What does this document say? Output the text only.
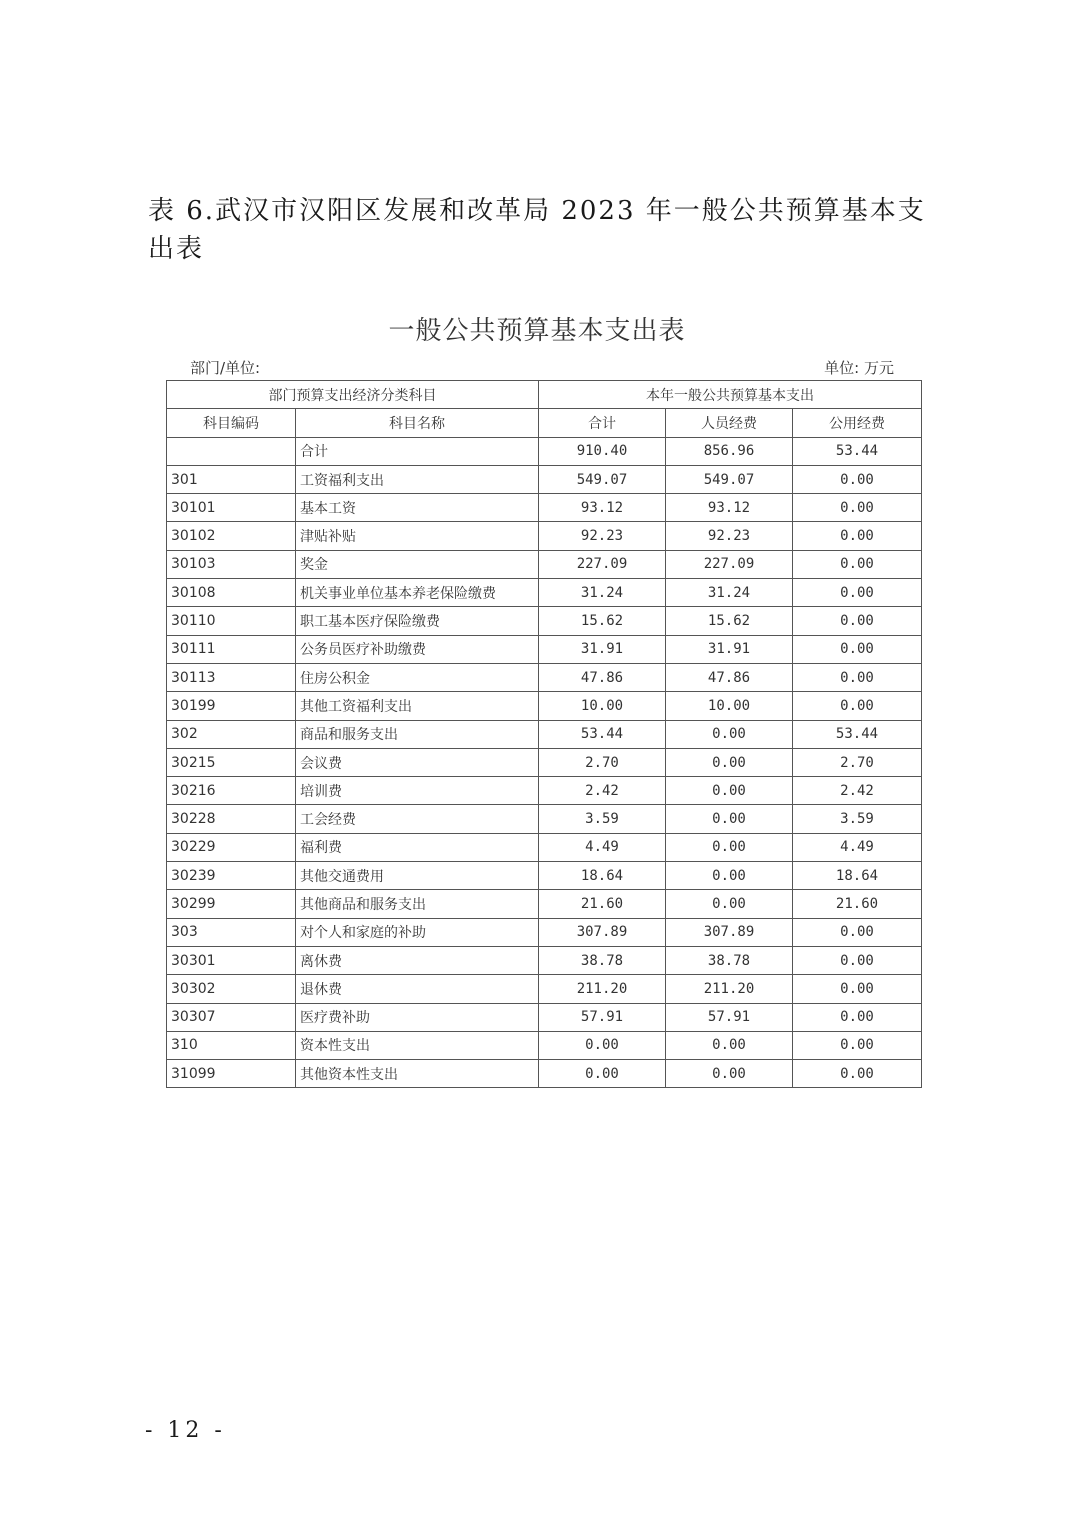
表 6.武汉市汉阳区发展和改革局 2023 年一般公共预算基本支出表
一般公共预算基本支出表
部门/单位:	单位: 万元
部门预算支出经济分类科目		本年一般公共预算基本支出		
科目编码	科目名称	合计	人员经费	公用经费
	合计	910.40	856.96	53.44
301	工资福利支出	549.07	549.07	0.00
30101	基本工资	93.12	93.12	0.00
30102	津贴补贴	92.23	92.23	0.00
30103	奖金	227.09	227.09	0.00
30108	机关事业单位基本养老保险缴费	31.24	31.24	0.00
30110	职工基本医疗保险缴费	15.62	15.62	0.00
30111	公务员医疗补助缴费	31.91	31.91	0.00
30113	住房公积金	47.86	47.86	0.00
30199	其他工资福利支出	10.00	10.00	0.00
302	商品和服务支出	53.44	0.00	53.44
30215	会议费	2.70	0.00	2.70
30216	培训费	2.42	0.00	2.42
30228	工会经费	3.59	0.00	3.59
30229	福利费	4.49	0.00	4.49
30239	其他交通费用	18.64	0.00	18.64
30299	其他商品和服务支出	21.60	0.00	21.60
303	对个人和家庭的补助	307.89	307.89	0.00
30301	离休费	38.78	38.78	0.00
30302	退休费	211.20	211.20	0.00
30307	医疗费补助	57.91	57.91	0.00
310	资本性支出	0.00	0.00	0.00
31099	其他资本性支出	0.00	0.00	0.00
- 12 -
